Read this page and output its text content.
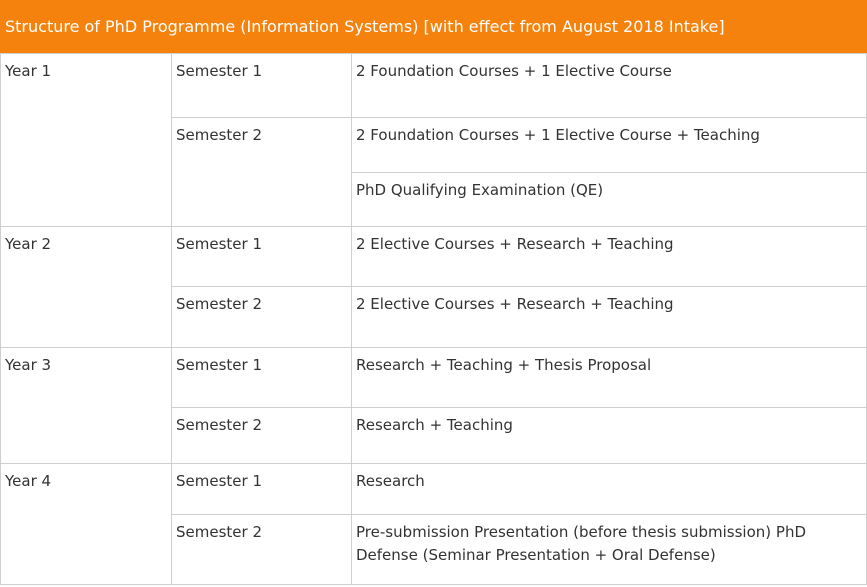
Structure of PhD Programme (Information Systems) [with effect from August 2018 Intake]
Year 1	Semester 1	2 Foundation Courses + 1 Elective Course
	Semester 2	2 Foundation Courses + 1 Elective Course + Teaching
		PhD Qualifying Examination (QE)
Year 2	Semester 1	2 Elective Courses + Research + Teaching
	Semester 2	2 Elective Courses + Research + Teaching
Year 3	Semester 1	Research + Teaching + Thesis Proposal
	Semester 2	Research + Teaching
Year 4	Semester 1	Research
	Semester 2	Pre-submission Presentation (before thesis submission) PhD Defense (Seminar Presentation + Oral Defense)
